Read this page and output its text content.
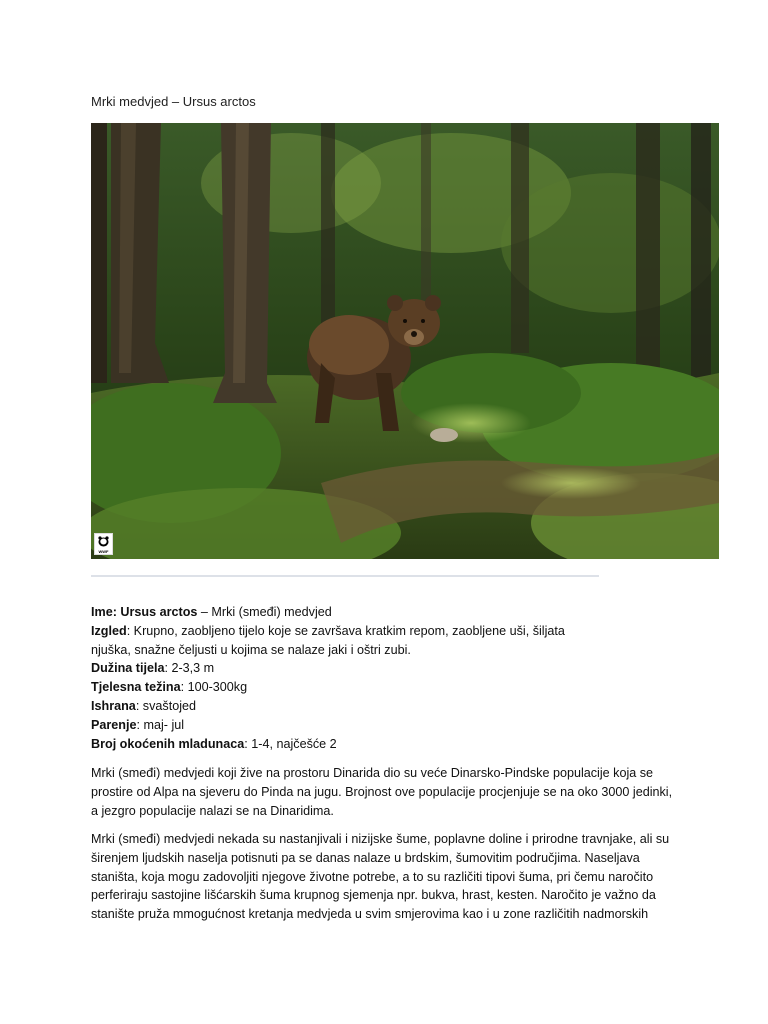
Mrki medvjed – Ursus arctos
WWF
Ime: Ursus arctos – Mrki (smeđi) medvjed
Izgled: Krupno, zaobljeno tijelo koje se završava kratkim repom, zaobljene uši, šiljata
njuška, snažne čeljusti u kojima se nalaze jaki i oštri zubi.
Dužina tijela: 2-3,3 m
Tjelesna težina: 100-300kg
Ishrana: svaštojed
Parenje: maj- jul
Broj okoćenih mladunaca: 1-4, najčešće 2
Mrki (smeđi) medvjedi koji žive na prostoru Dinarida dio su veće Dinarsko-Pindske populacije koja se
prostire od Alpa na sjeveru do Pinda na jugu. Brojnost ove populacije procjenjuje se na oko 3000 jedinki,
a jezgro populacije nalazi se na Dinaridima.
Mrki (smeđi) medvjedi nekada su nastanjivali i nizijske šume, poplavne doline i prirodne travnjake, ali su
širenjem ljudskih naselja potisnuti pa se danas nalaze u brdskim, šumovitim područjima. Naseljava
staništa, koja mogu zadovoljiti njegove životne potrebe, a to su različiti tipovi šuma, pri čemu naročito
perferiraju sastojine lišćarskih šuma krupnog sjemenja npr. bukva, hrast, kesten. Naročito je važno da
stanište pruža mmogućnost kretanja medvjeda u svim smjerovima kao i u zone različitih nadmorskih
